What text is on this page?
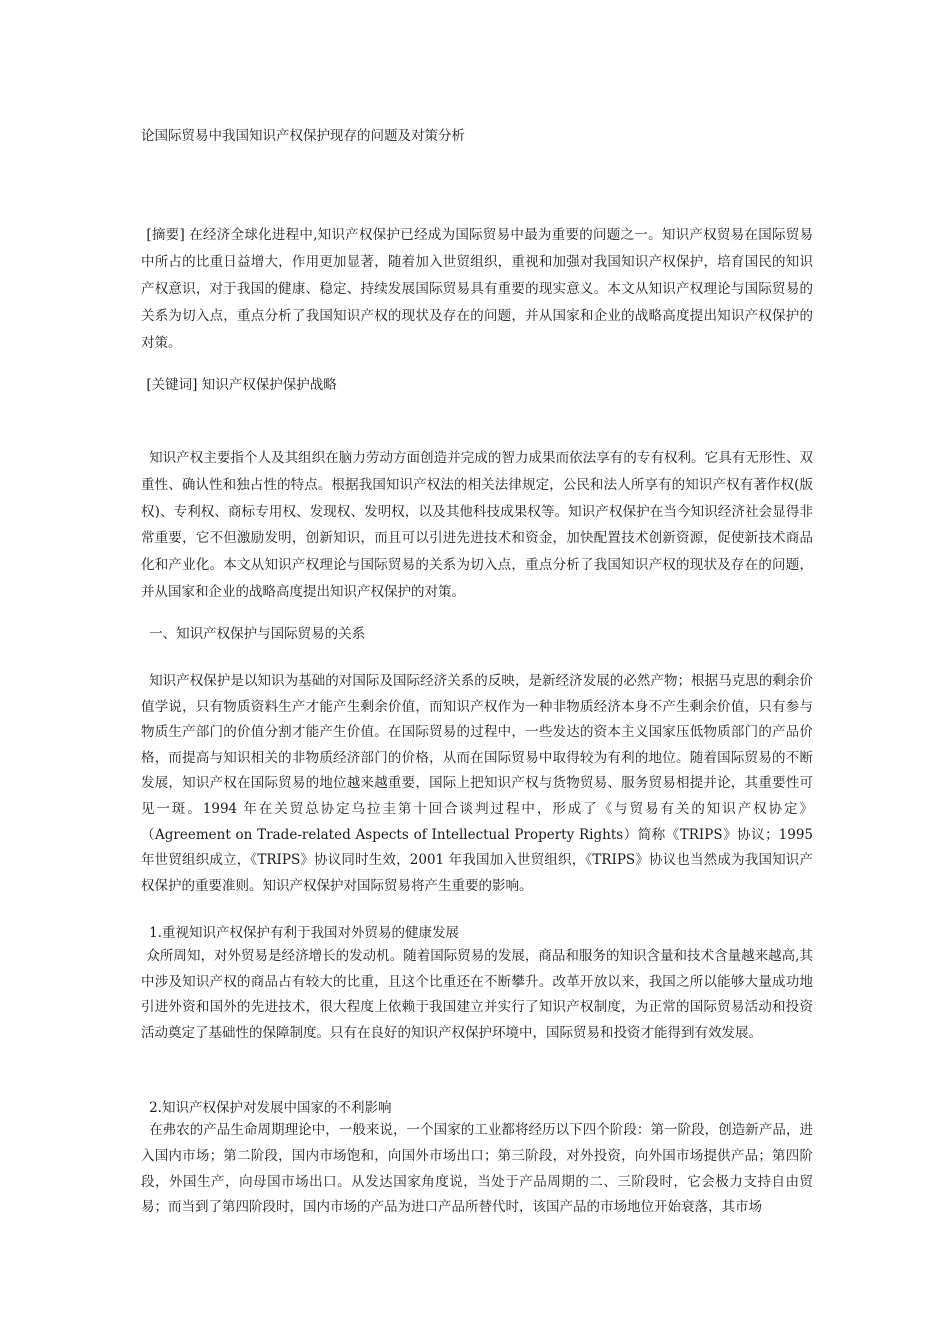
论国际贸易中我国知识产权保护现存的问题及对策分析

[摘要] 在经济全球化进程中,知识产权保护已经成为国际贸易中最为重要的问题之一。知识产权贸易在国际贸易中所占的比重日益增大，作用更加显著，随着加入世贸组织，重视和加强对我国知识产权保护，培育国民的知识产权意识，对于我国的健康、稳定、持续发展国际贸易具有重要的现实意义。本文从知识产权理论与国际贸易的关系为切入点，重点分析了我国知识产权的现状及存在的问题，并从国家和企业的战略高度提出知识产权保护的对策。

[关键词] 知识产权保护保护战略

知识产权主要指个人及其组织在脑力劳动方面创造并完成的智力成果而依法享有的专有权利。它具有无形性、双重性、确认性和独占性的特点。根据我国知识产权法的相关法律规定，公民和法人所享有的知识产权有著作权(版权)、专利权、商标专用权、发现权、发明权，以及其他科技成果权等。知识产权保护在当今知识经济社会显得非常重要，它不但激励发明，创新知识，而且可以引进先进技术和资金，加快配置技术创新资源，促使新技术商品化和产业化。本文从知识产权理论与国际贸易的关系为切入点，重点分析了我国知识产权的现状及存在的问题，并从国家和企业的战略高度提出知识产权保护的对策。

一、知识产权保护与国际贸易的关系

知识产权保护是以知识为基础的对国际及国际经济关系的反映，是新经济发展的必然产物；根据马克思的剩余价值学说，只有物质资料生产才能产生剩余价值，而知识产权作为一种非物质经济本身不产生剩余价值，只有参与物质生产部门的价值分割才能产生价值。在国际贸易的过程中，一些发达的资本主义国家压低物质部门的产品价格，而提高与知识相关的非物质经济部门的价格，从而在国际贸易中取得较为有利的地位。随着国际贸易的不断发展，知识产权在国际贸易的地位越来越重要，国际上把知识产权与货物贸易、服务贸易相提并论，其重要性可见一斑。1994 年在关贸总协定乌拉圭第十回合谈判过程中，形成了《与贸易有关的知识产权协定》（Agreement on Trade-related Aspects of Intellectual Property Rights）简称《TRIPS》协议；1995 年世贸组织成立，《TRIPS》协议同时生效，2001 年我国加入世贸组织，《TRIPS》协议也当然成为我国知识产权保护的重要准则。知识产权保护对国际贸易将产生重要的影响。

1.重视知识产权保护有利于我国对外贸易的健康发展

众所周知，对外贸易是经济增长的发动机。随着国际贸易的发展，商品和服务的知识含量和技术含量越来越高,其中涉及知识产权的商品占有较大的比重，且这个比重还在不断攀升。改革开放以来，我国之所以能够大量成功地引进外资和国外的先进技术，很大程度上依赖于我国建立并实行了知识产权制度，为正常的国际贸易活动和投资活动奠定了基础性的保障制度。只有在良好的知识产权保护环境中，国际贸易和投资才能得到有效发展。

2.知识产权保护对发展中国家的不利影响

在弗农的产品生命周期理论中，一般来说，一个国家的工业都将经历以下四个阶段：第一阶段，创造新产品，进入国内市场；第二阶段，国内市场饱和，向国外市场出口；第三阶段，对外投资，向外国市场提供产品；第四阶段，外国生产，向母国市场出口。从发达国家角度说，当处于产品周期的二、三阶段时，它会极力支持自由贸易；而当到了第四阶段时，国内市场的产品为进口产品所替代时，该国产品的市场地位开始衰落，其市场
